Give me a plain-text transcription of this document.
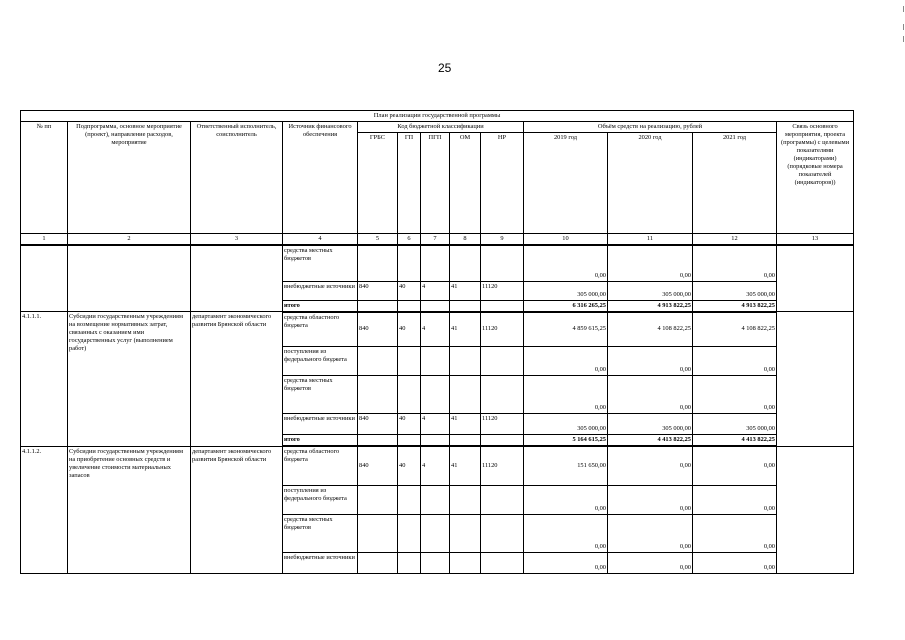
25
План реализации государственной программы												
№ пп	Подпрограмма, основное мероприятие (проект), направление расходов, мероприятие	Ответственный исполнитель, соисполнитель	Источник финансового обеспечения	Код бюджетной классификации					Объём средств на реализацию, рублей			Связь основного мероприятия, проекта (программы) с целевыми показателями (индикаторами) (порядковые номера показателей (индикаторов))
				ГРБС	ГП	ПГП	ОМ	НР	2019 год	2020 год	2021 год	
1	2	3	4	5	6	7	8	9	10	11	12	13
			средства местных бюджетов						0,00	0,00	0,00	
			внебюджетные источники	840	40	4	41	11120	305 000,00	305 000,00	305 000,00	
			итого						6 316 265,25	4 913 822,25	4 913 822,25	
4.1.1.1.	Субсидии государственным учреждениям на возмещение нормативных затрат, связанных с оказанием ими государственных услуг (выполнением работ)	департамент экономического развития Брянской области	средства областного бюджета	840	40	4	41	11120	4 859 615,25	4 108 822,25	4 108 822,25	
			поступления из федерального бюджета						0,00	0,00	0,00	
			средства местных бюджетов						0,00	0,00	0,00	
			внебюджетные источники	840	40	4	41	11120	305 000,00	305 000,00	305 000,00	
			итого						5 164 615,25	4 413 822,25	4 413 822,25	
4.1.1.2.	Субсидии государственным учреждениям на приобретение основных средств и увеличение стоимости материальных запасов	департамент экономического развития Брянской области	средства областного бюджета	840	40	4	41	11120	151 650,00	0,00	0,00	
			поступления из федерального бюджета						0,00	0,00	0,00	
			средства местных бюджетов						0,00	0,00	0,00	
			внебюджетные источники						0,00	0,00	0,00	
